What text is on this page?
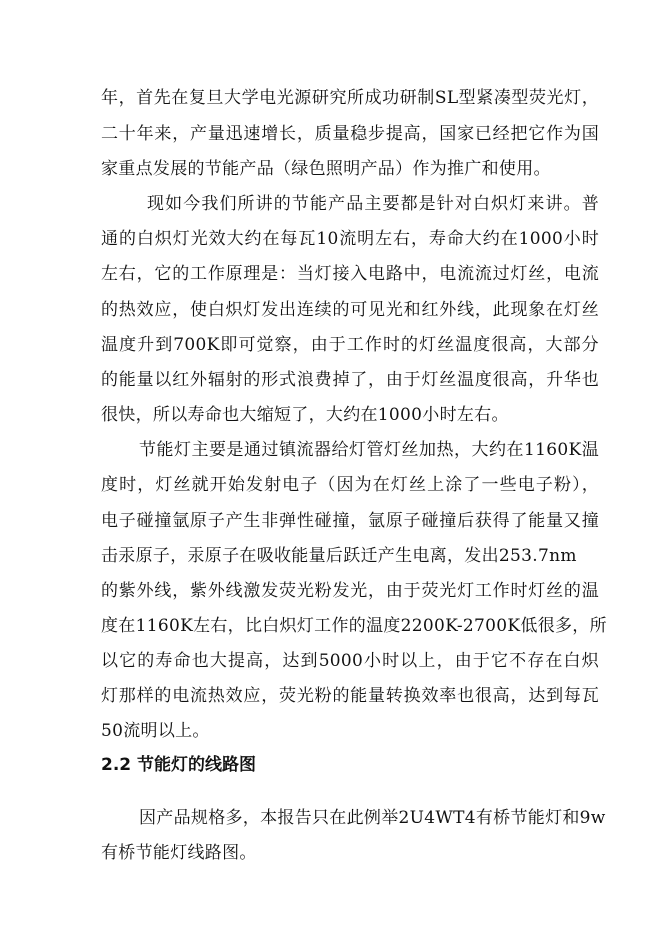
年，首先在复旦大学电光源研究所成功研制SL型紧凑型荧光灯，
二十年来，产量迅速增长，质量稳步提高，国家已经把它作为国
家重点发展的节能产品（绿色照明产品）作为推广和使用。
现如今我们所讲的节能产品主要都是针对白炽灯来讲。普
通的白炽灯光效大约在每瓦10流明左右，寿命大约在1000小时
左右，它的工作原理是：当灯接入电路中，电流流过灯丝，电流
的热效应，使白炽灯发出连续的可见光和红外线，此现象在灯丝
温度升到700K即可觉察，由于工作时的灯丝温度很高，大部分
的能量以红外辐射的形式浪费掉了，由于灯丝温度很高，升华也
很快，所以寿命也大缩短了，大约在1000小时左右。
节能灯主要是通过镇流器给灯管灯丝加热，大约在1160K温
度时，灯丝就开始发射电子（因为在灯丝上涂了一些电子粉），
电子碰撞氩原子产生非弹性碰撞，氩原子碰撞后获得了能量又撞
击汞原子，汞原子在吸收能量后跃迁产生电离，发出253.7nm
的紫外线，紫外线激发荧光粉发光，由于荧光灯工作时灯丝的温
度在1160K左右，比白炽灯工作的温度2200K-2700K低很多，所
以它的寿命也大提高，达到5000小时以上，由于它不存在白炽
灯那样的电流热效应，荧光粉的能量转换效率也很高，达到每瓦
50流明以上。
2.2 节能灯的线路图
因产品规格多，本报告只在此例举2U4WT4有桥节能灯和9w
有桥节能灯线路图。
